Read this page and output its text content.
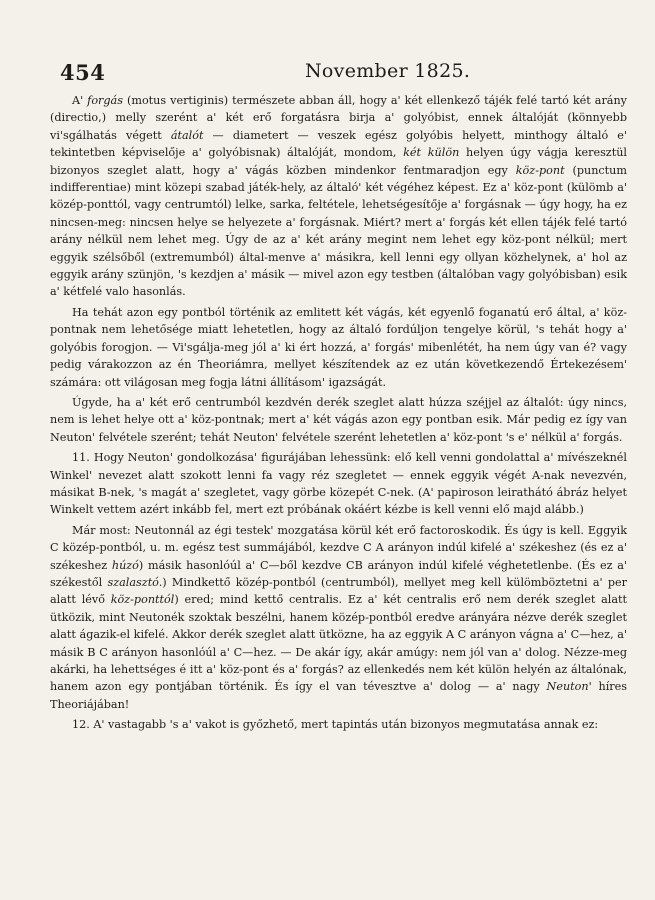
454	November 1825.

A' forgás (motus vertiginis) természete abban áll, hogy a' két ellenkező tájék felé tartó két arány (directio,) melly szerént a' két erő forgatásra birja a' golyóbist, ennek általóját (könnyebb vi'sgálhatás végett átalót — diametert — veszek egész golyóbis helyett, minthogy általó e' tekintetben képviselője a' golyóbisnak) általóját, mondom, két külön helyen úgy vágja keresztül bizonyos szeglet alatt, hogy a' vágás közben mindenkor fentmaradjon egy köz-pont (punctum indifferentiae) mint közepi szabad játék-hely, az általó' két végéhez képest. Ez a' köz-pont (külömb a' közép-ponttól, vagy centrumtól) lelke, sarka, feltétele, lehetségesítője a' forgásnak — úgy hogy, ha ez nincsen-meg: nincsen helye se helyezete a' forgásnak. Miért? mert a' forgás két ellen tájék felé tartó arány nélkül nem lehet meg. Úgy de az a' két arány megint nem lehet egy köz-pont nélkül; mert eggyik szélsőből (extremumból) által-menve a' másikra, kell lenni egy ollyan közhelynek, a' hol az eggyik arány szünjön, 's kezdjen a' másik — mivel azon egy testben (általóban vagy golyóbisban) esik a' kétfelé valo hasonlás.

Ha tehát azon egy pontból történik az emlitett két vágás, két egyenlő foganatú erő által, a' köz-pontnak nem lehetősége miatt lehetetlen, hogy az általó fordúljon tengelye körül, 's tehát hogy a' golyóbis forogjon. — Vi'sgálja-meg jól a' ki ért hozzá, a' forgás' mibenlétét, ha nem úgy van é? vagy pedig várakozzon az én Theoriámra, mellyet készítendek az ez után következendő Értekezésem' számára: ott világosan meg fogja látni állításom' igazságát.

Úgyde, ha a' két erő centrumból kezdvén derék szeglet alatt húzza széjjel az általót: úgy nincs, nem is lehet helye ott a' köz-pontnak; mert a' két vágás azon egy pontban esik. Már pedig ez így van Neuton' felvétele szerént; tehát Neuton' felvétele szerént lehetetlen a' köz-pont 's e' nélkül a' forgás.

11. Hogy Neuton' gondolkozása' figurájában lehessünk: elő kell venni gondolattal a' mívészeknél Winkel' nevezet alatt szokott lenni fa vagy réz szegletet — ennek eggyik végét A-nak nevezvén, másikat B-nek, 's magát a' szegletet, vagy görbe közepét C-nek. (A' papiroson leirathátó ábráz helyet Winkelt vettem azért inkább fel, mert ezt próbának okáért kézbe is kell venni elő majd alább.)

Már most: Neutonnál az égi testek' mozgatása körül két erő factoroskodik. És úgy is kell. Eggyik C közép-pontból, u. m. egész test summájából, kezdve C A arányon indúl kifelé a' székeshez (és ez a' székeshez húzó) másik hasonlóúl a' C—ből kezdve CB arányon indúl kifelé véghetetlenbe. (És ez a' székestől szalasztó.) Mindkettő közép-pontból (centrumból), mellyet meg kell külömböztetni a' per alatt lévő köz-ponttól) ered; mind kettő centralis. Ez a' két centralis erő nem derék szeglet alatt ütközik, mint Neutonék szoktak beszélni, hanem közép-pontból eredve arányára nézve derék szeglet alatt ágazik-el kifelé. Akkor derék szeglet alatt ütközne, ha az eggyik A C arányon vágna a' C—hez, a' másik B C arányon hasonlóúl a' C—hez. — De akár így, akár amúgy: nem jól van a' dolog. Nézze-meg akárki, ha lehettséges é itt a' köz-pont és a' forgás? az ellenkedés nem két külön helyén az általónak, hanem azon egy pontjában történik. És így el van tévesztve a' dolog — a' nagy Neuton' híres Theoriájában!

12. A' vastagabb 's a' vakot is győzhető, mert tapintás után bizonyos megmutatása annak ez:
